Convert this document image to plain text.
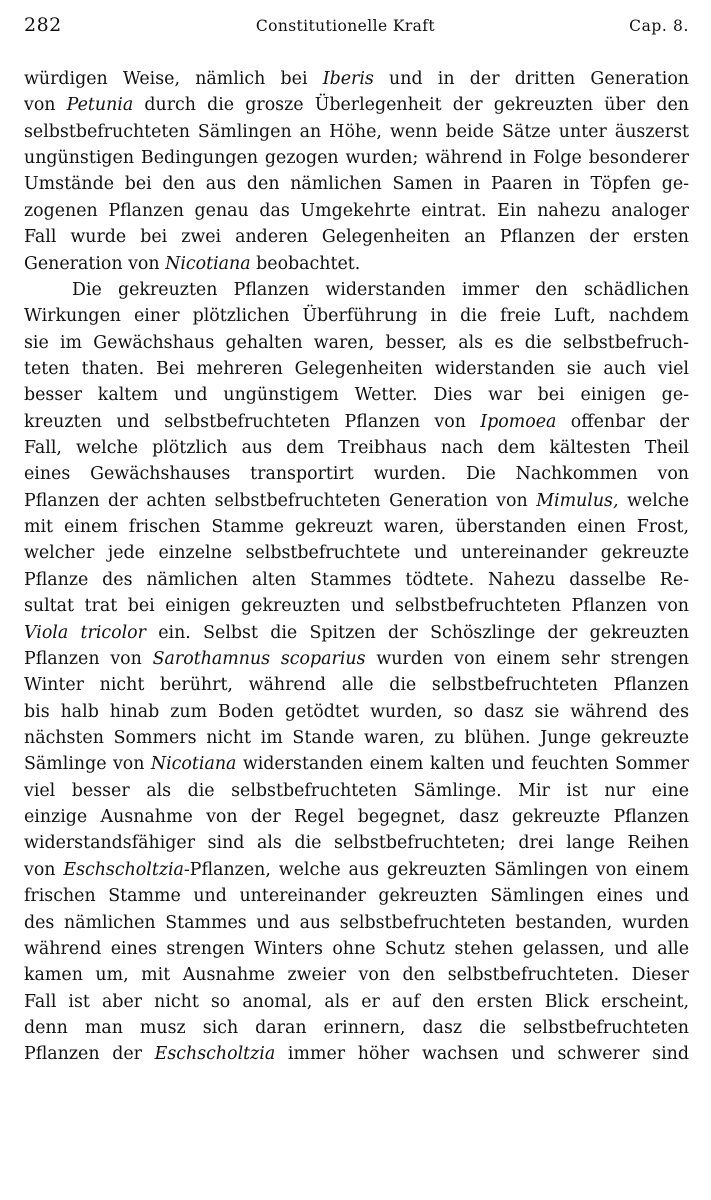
282	Constitutionelle Kraft	Cap. 8.
würdigen Weise, nämlich bei Iberis und in der dritten Generation
von Petunia durch die grosze Überlegenheit der gekreuzten über den
selbstbefruchteten Sämlingen an Höhe, wenn beide Sätze unter äuszerst
ungünstigen Bedingungen gezogen wurden; während in Folge besonderer
Umstände bei den aus den nämlichen Samen in Paaren in Töpfen ge-
zogenen Pflanzen genau das Umgekehrte eintrat. Ein nahezu analoger
Fall wurde bei zwei anderen Gelegenheiten an Pflanzen der ersten
Generation von Nicotiana beobachtet.
Die gekreuzten Pflanzen widerstanden immer den schädlichen
Wirkungen einer plötzlichen Überführung in die freie Luft, nachdem
sie im Gewächshaus gehalten waren, besser, als es die selbstbefruch-
teten thaten. Bei mehreren Gelegenheiten widerstanden sie auch viel
besser kaltem und ungünstigem Wetter. Dies war bei einigen ge-
kreuzten und selbstbefruchteten Pflanzen von Ipomoea offenbar der
Fall, welche plötzlich aus dem Treibhaus nach dem kältesten Theil
eines Gewächshauses transportirt wurden. Die Nachkommen von
Pflanzen der achten selbstbefruchteten Generation von Mimulus, welche
mit einem frischen Stamme gekreuzt waren, überstanden einen Frost,
welcher jede einzelne selbstbefruchtete und untereinander gekreuzte
Pflanze des nämlichen alten Stammes tödtete. Nahezu dasselbe Re-
sultat trat bei einigen gekreuzten und selbstbefruchteten Pflanzen von
Viola tricolor ein. Selbst die Spitzen der Schöszlinge der gekreuzten
Pflanzen von Sarothamnus scoparius wurden von einem sehr strengen
Winter nicht berührt, während alle die selbstbefruchteten Pflanzen
bis halb hinab zum Boden getödtet wurden, so dasz sie während des
nächsten Sommers nicht im Stande waren, zu blühen. Junge gekreuzte
Sämlinge von Nicotiana widerstanden einem kalten und feuchten Sommer
viel besser als die selbstbefruchteten Sämlinge. Mir ist nur eine
einzige Ausnahme von der Regel begegnet, dasz gekreuzte Pflanzen
widerstandsfähiger sind als die selbstbefruchteten; drei lange Reihen
von Eschscholtzia-Pflanzen, welche aus gekreuzten Sämlingen von einem
frischen Stamme und untereinander gekreuzten Sämlingen eines und
des nämlichen Stammes und aus selbstbefruchteten bestanden, wurden
während eines strengen Winters ohne Schutz stehen gelassen, und alle
kamen um, mit Ausnahme zweier von den selbstbefruchteten. Dieser
Fall ist aber nicht so anomal, als er auf den ersten Blick erscheint,
denn man musz sich daran erinnern, dasz die selbstbefruchteten
Pflanzen der Eschscholtzia immer höher wachsen und schwerer sind
